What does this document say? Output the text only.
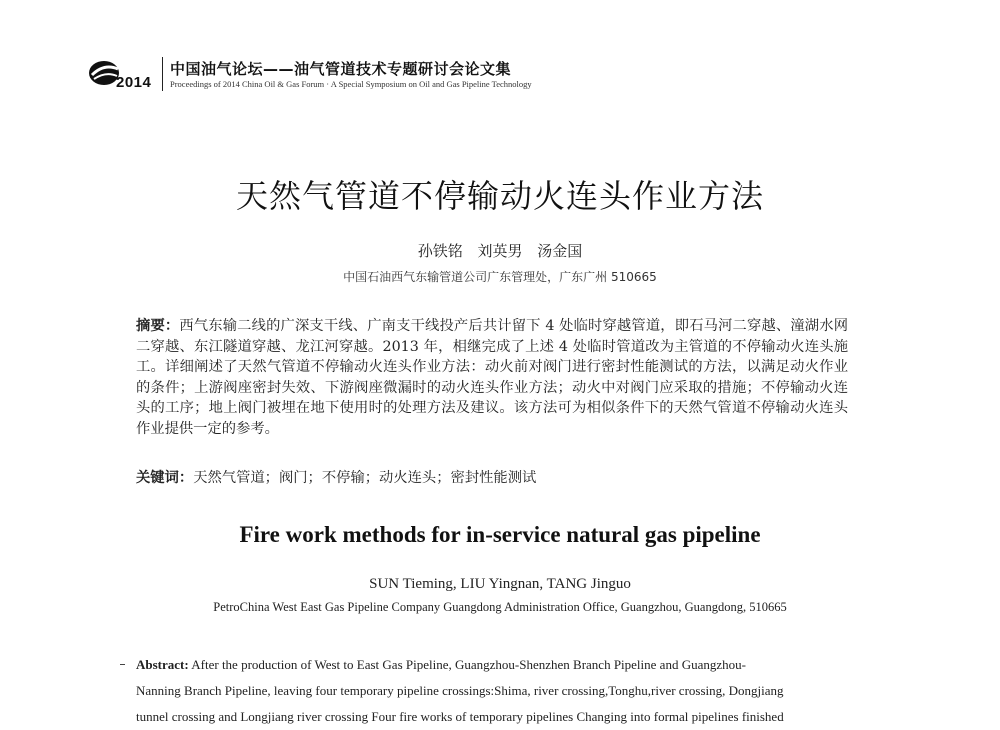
2014
中国油气论坛——油气管道技术专题研讨会论文集
Proceedings of 2014 China Oil & Gas Forum · A Special Symposium on Oil and Gas Pipeline Technology
天然气管道不停输动火连头作业方法
孙铁铭 刘英男 汤金国
中国石油西气东输管道公司广东管理处，广东广州 510665
摘要：西气东输二线的广深支干线、广南支干线投产后共计留下 4 处临时穿越管道，即石马河二穿越、潼湖水网二穿越、东江隧道穿越、龙江河穿越。2013 年，相继完成了上述 4 处临时管道改为主管道的不停输动火连头施工。详细阐述了天然气管道不停输动火连头作业方法：动火前对阀门进行密封性能测试的方法，以满足动火作业的条件；上游阀座密封失效、下游阀座微漏时的动火连头作业方法；动火中对阀门应采取的措施；不停输动火连头的工序；地上阀门被埋在地下使用时的处理方法及建议。该方法可为相似条件下的天然气管道不停输动火连头作业提供一定的参考。
关键词：天然气管道；阀门；不停输；动火连头；密封性能测试
Fire work methods for in-service natural gas pipeline
SUN Tieming, LIU Yingnan, TANG Jinguo
PetroChina West East Gas Pipeline Company Guangdong Administration Office, Guangzhou, Guangdong, 510665
Abstract: After the production of West to East Gas Pipeline, Guangzhou-Shenzhen Branch Pipeline and Guangzhou-
Nanning Branch Pipeline, leaving four temporary pipeline crossings:Shima, river crossing,Tonghu,river crossing, Dongjiang
tunnel crossing and Longjiang river crossing Four fire works of temporary pipelines Changing into formal pipelines finished
